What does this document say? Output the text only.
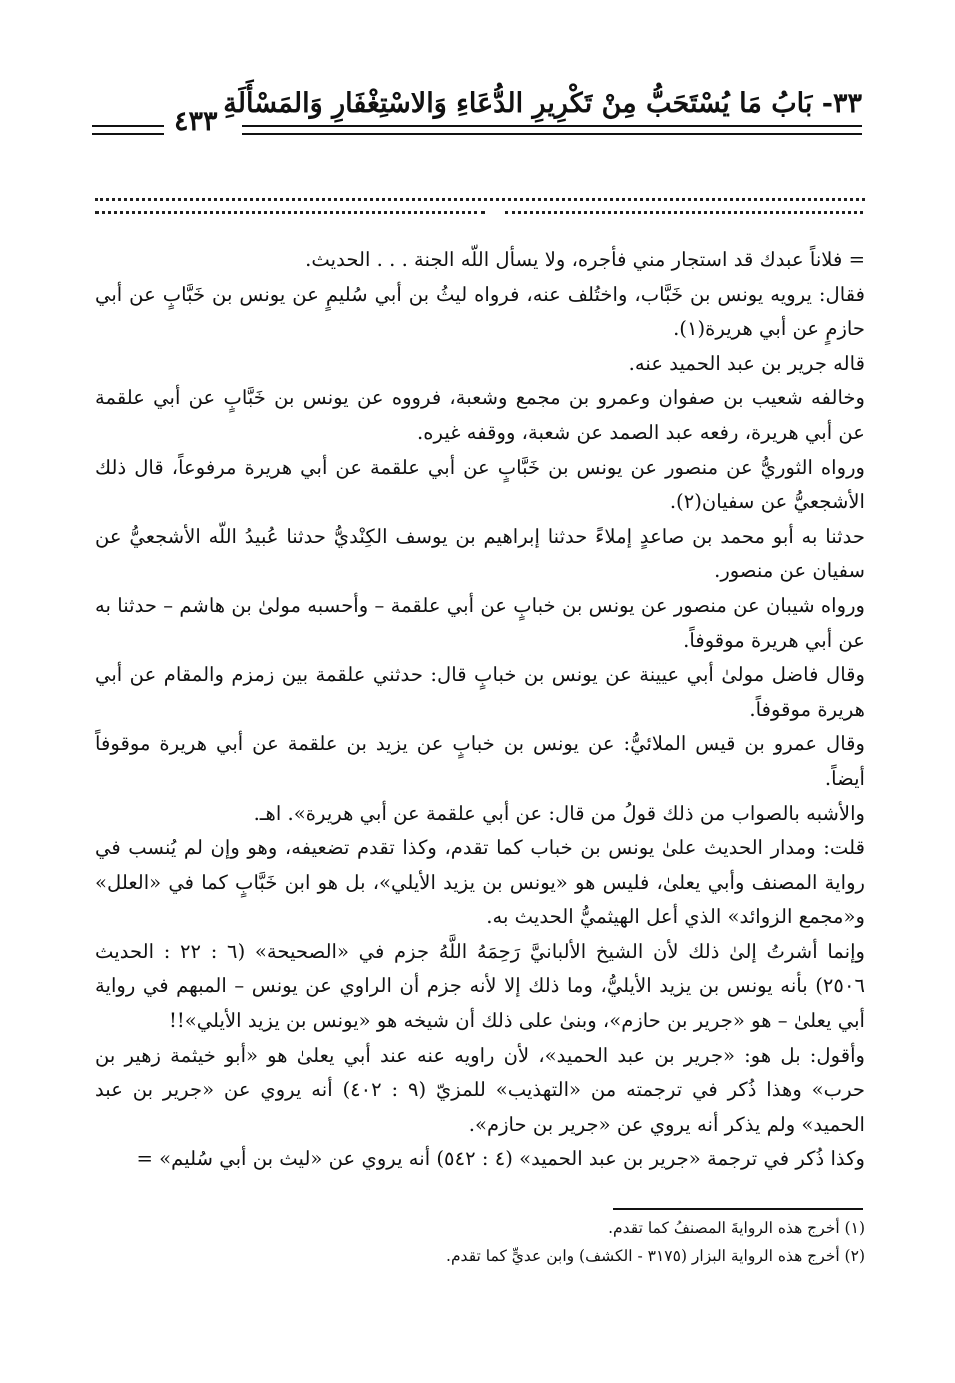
٣٣- بَابُ مَا يُسْتَحَبُّ مِنْ تَكْرِيرِ الدُّعَاءِ وَالاسْتِغْفَارِ وَالمَسْأَلَةِ
٤٣٣

= فلاناً عبدك قد استجار مني فأجره، ولا يسأل اللّه الجنة . . . الحديث.

فقال: يرويه يونس بن خَبَّاب، واختُلف عنه، فرواه ليثُ بن أبي سُليمٍ عن يونس بن خَبَّابٍ عن أبي حازمٍ عن أبي هريرة(١).

قاله جرير بن عبد الحميد عنه.

وخالفه شعيب بن صفوان وعمرو بن مجمع وشعبة، فرووه عن يونس بن خَبَّابٍ عن أبي علقمة عن أبي هريرة، رفعه عبد الصمد عن شعبة، ووقفه غيره.

ورواه الثوريُّ عن منصور عن يونس بن خَبَّابٍ عن أبي علقمة عن أبي هريرة مرفوعاً، قال ذلك الأشجعيُّ عن سفيان(٢).

حدثنا به أبو محمد بن صاعدٍ إملاءً حدثنا إبراهيم بن يوسف الكِنْديُّ حدثنا عُبيدُ اللّه الأشجعيُّ عن سفيان عن منصور.

ورواه شيبان عن منصور عن يونس بن خبابٍ عن أبي علقمة – وأحسبه مولىٰ بن هاشم – حدثنا به عن أبي هريرة موقوفاً.

وقال فاضل مولىٰ أبي عيينة عن يونس بن خبابٍ قال: حدثني علقمة بين زمزم والمقام عن أبي هريرة موقوفاً.

وقال عمرو بن قيس الملائيُّ: عن يونس بن خبابٍ عن يزيد بن علقمة عن أبي هريرة موقوفاً أيضاً.

والأشبه بالصواب من ذلك قولُ من قال: عن أبي علقمة عن أبي هريرة». اهـ.

قلت: ومدار الحديث علىٰ يونس بن خباب كما تقدم، وكذا تقدم تضعيفه، وهو وإن لم يُنسب في رواية المصنف وأبي يعلىٰ، فليس هو «يونس بن يزيد الأيلي»، بل هو ابن خَبَّابٍ كما في «العلل» و«مجمع الزوائد» الذي أعل الهيثميُّ الحديث به.

وإنما أشرتُ إلىٰ ذلك لأن الشيخ الألبانيَّ رَحِمَهُ اللَّهُ جزم في «الصحيحة» (٦ : ٢٢ : الحديث ٢٥٠٦) بأنه يونس بن يزيد الأيليُّ، وما ذلك إلا لأنه جزم أن الراوي عن يونس – المبهم في رواية أبي يعلىٰ – هو «جرير بن حازم»، وبنىٰ على ذلك أن شيخه هو «يونس بن يزيد الأيلي»!!

وأقول: بل هو: «جرير بن عبد الحميد»، لأن راويه عنه عند أبي يعلىٰ هو «أبو خيثمة زهير بن حرب» وهذا ذُكر في ترجمته من «التهذيب» للمزيّ (٩ : ٤٠٢) أنه يروي عن «جرير بن عبد الحميد» ولم يذكر أنه يروي عن «جرير بن حازم».

وكذا ذُكر في ترجمة «جرير بن عبد الحميد» (٤ : ٥٤٢) أنه يروي عن «ليث بن أبي سُليم» =

(١) أخرج هذه الروايةَ المصنفُ كما تقدم.

(٢) أخرج هذه الرواية البزار (٣١٧٥ - الكشف) وابن عديٍّ كما تقدم.
